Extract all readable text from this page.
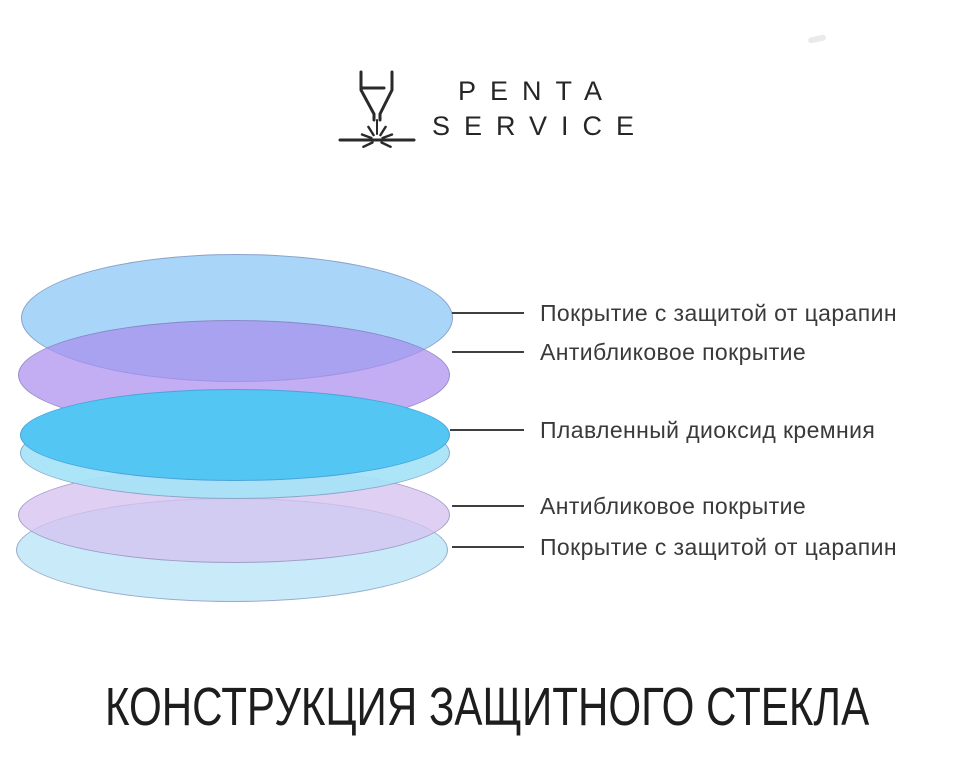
PENTA
SERVICE
Покрытие с защитой от царапин
Антибликовое покрытие
Плавленный диоксид кремния
Антибликовое покрытие
Покрытие с защитой от царапин
КОНСТРУКЦИЯ ЗАЩИТНОГО СТЕКЛА
